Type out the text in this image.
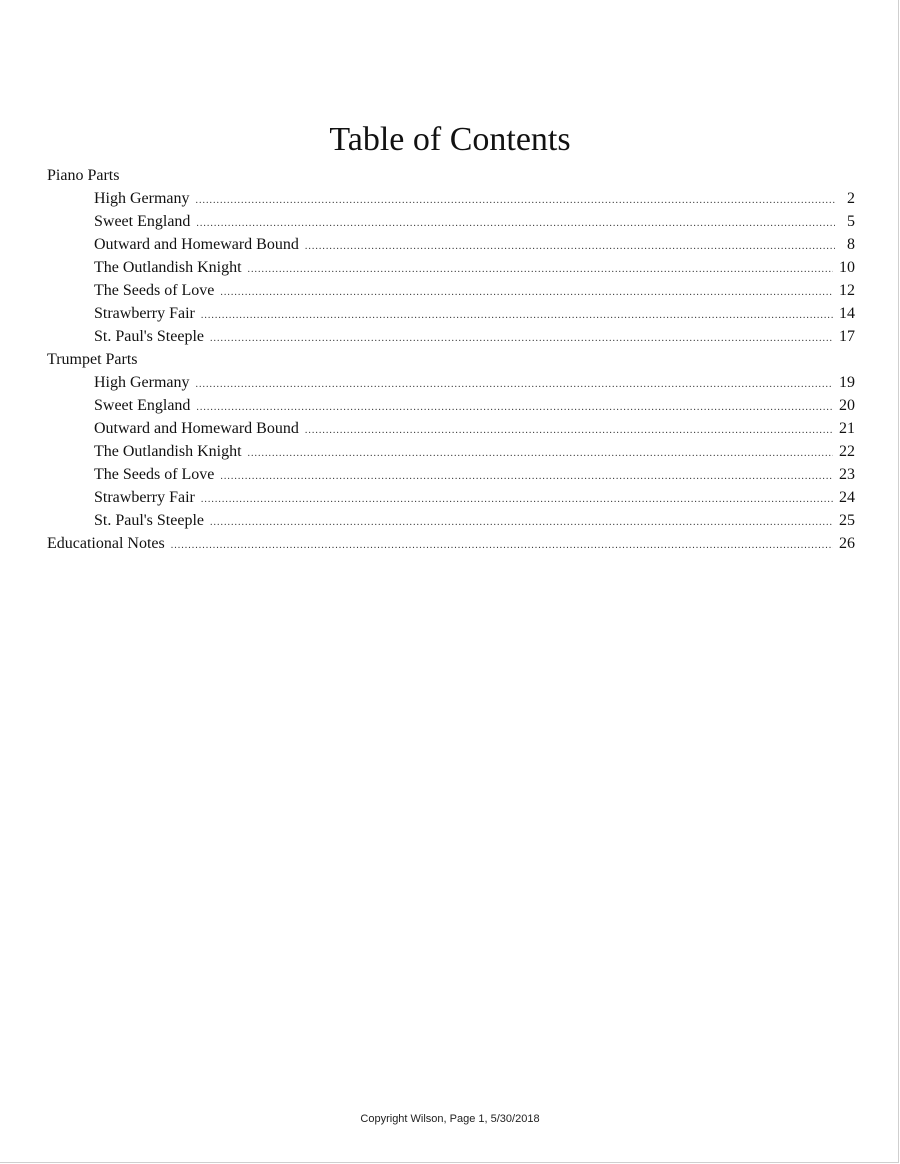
Table of Contents
Piano Parts
High Germany .....	2
Sweet England .....	5
Outward and Homeward Bound .....	8
The Outlandish Knight .....	10
The Seeds of Love .....	12
Strawberry Fair .....	14
St. Paul's Steeple .....	17
Trumpet Parts
High Germany .....	19
Sweet England .....	20
Outward and Homeward Bound .....	21
The Outlandish Knight .....	22
The Seeds of Love .....	23
Strawberry Fair .....	24
St. Paul's Steeple .....	25
Educational Notes .....	26
Copyright Wilson, Page 1, 5/30/2018
